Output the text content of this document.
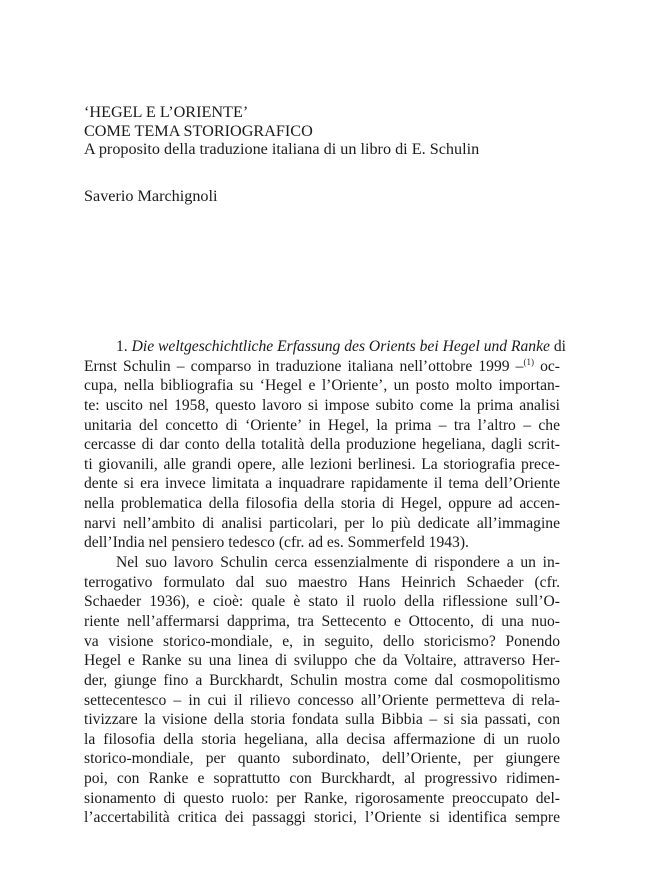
‘HEGEL E L’ORIENTE’
COME TEMA STORIOGRAFICO
A proposito della traduzione italiana di un libro di E. Schulin
Saverio Marchignoli
1. Die weltgeschichtliche Erfassung des Orients bei Hegel und Ranke di
Ernst Schulin – comparso in traduzione italiana nell’ottobre 1999 –$^{(1)}$ oc-
cupa, nella bibliografia su ‘Hegel e l’Oriente’, un posto molto importan-
te: uscito nel 1958, questo lavoro si impose subito come la prima analisi
unitaria del concetto di ‘Oriente’ in Hegel, la prima – tra l’altro – che
cercasse di dar conto della totalità della produzione hegeliana, dagli scrit-
ti giovanili, alle grandi opere, alle lezioni berlinesi. La storiografia prece-
dente si era invece limitata a inquadrare rapidamente il tema dell’Oriente
nella problematica della filosofia della storia di Hegel, oppure ad accen-
narvi nell’ambito di analisi particolari, per lo più dedicate all’immagine
dell’India nel pensiero tedesco (cfr. ad es. Sommerfeld 1943).
Nel suo lavoro Schulin cerca essenzialmente di rispondere a un in-
terrogativo formulato dal suo maestro Hans Heinrich Schaeder (cfr.
Schaeder 1936), e cioè: quale è stato il ruolo della riflessione sull’O-
riente nell’affermarsi dapprima, tra Settecento e Ottocento, di una nuo-
va visione storico-mondiale, e, in seguito, dello storicismo? Ponendo
Hegel e Ranke su una linea di sviluppo che da Voltaire, attraverso Her-
der, giunge fino a Burckhardt, Schulin mostra come dal cosmopolitismo
settecentesco – in cui il rilievo concesso all’Oriente permetteva di rela-
tivizzare la visione della storia fondata sulla Bibbia – si sia passati, con
la filosofia della storia hegeliana, alla decisa affermazione di un ruolo
storico-mondiale, per quanto subordinato, dell’Oriente, per giungere
poi, con Ranke e soprattutto con Burckhardt, al progressivo ridimen-
sionamento di questo ruolo: per Ranke, rigorosamente preoccupato del-
l’accertabilità critica dei passaggi storici, l’Oriente si identifica sempre
